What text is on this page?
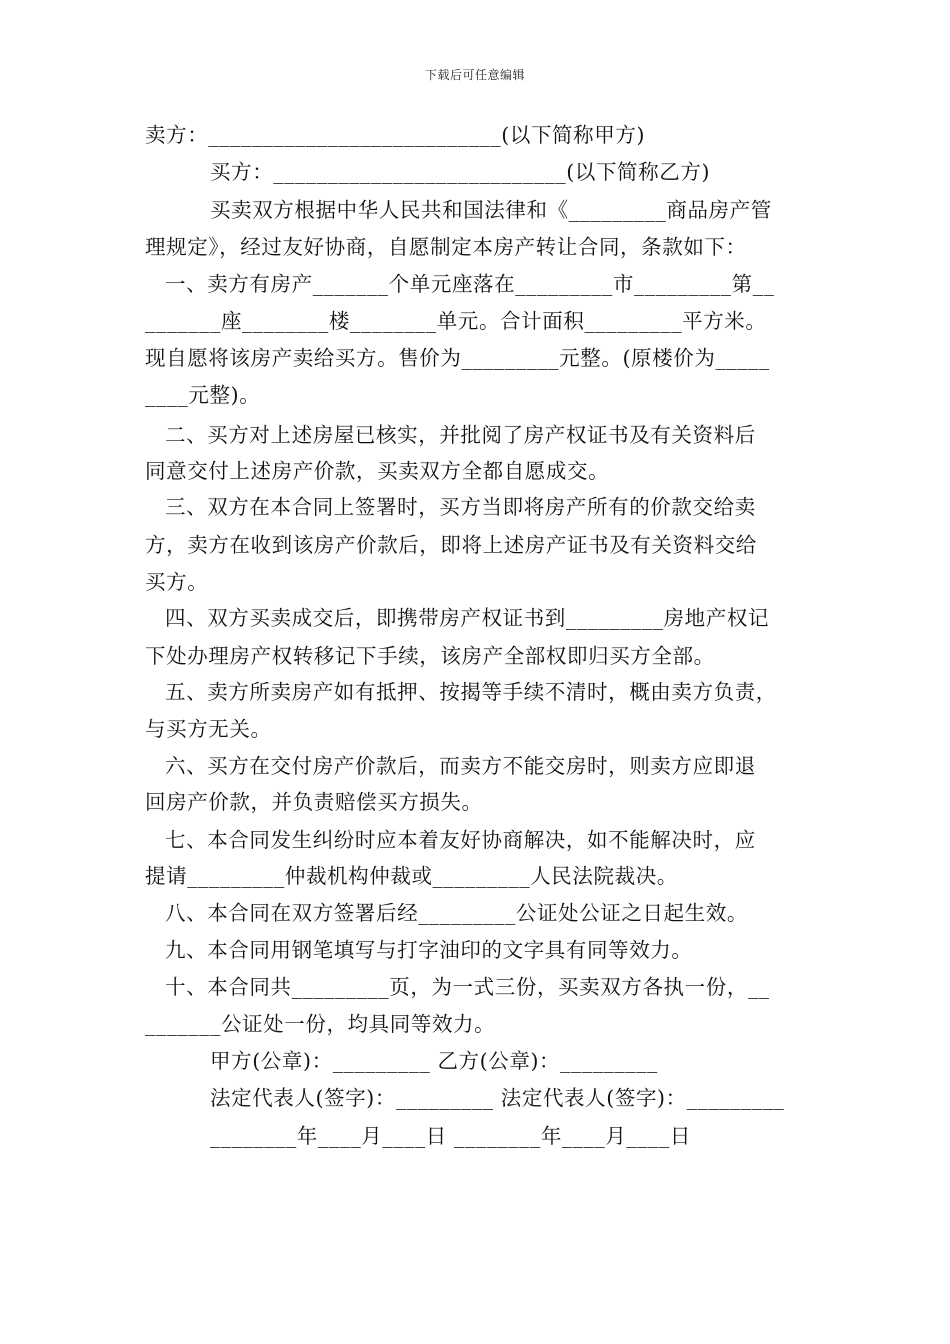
下载后可任意编辑
卖方：___________________________(以下简称甲方)
买方：___________________________(以下简称乙方)
买卖双方根据中华人民共和国法律和《_________商品房产管
理规定》，经过友好协商，自愿制定本房产转让合同，条款如下：
一、卖方有房产_______个单元座落在_________市_________第__
_______座________楼________单元。合计面积_________平方米。
现自愿将该房产卖给买方。售价为_________元整。(原楼价为_____
____元整)。
二、买方对上述房屋已核实，并批阅了房产权证书及有关资料后
同意交付上述房产价款，买卖双方全都自愿成交。
三、双方在本合同上签署时，买方当即将房产所有的价款交给卖
方，卖方在收到该房产价款后，即将上述房产证书及有关资料交给
买方。
四、双方买卖成交后，即携带房产权证书到_________房地产权记
下处办理房产权转移记下手续，该房产全部权即归买方全部。
五、卖方所卖房产如有抵押、按揭等手续不清时，概由卖方负责，
与买方无关。
六、买方在交付房产价款后，而卖方不能交房时，则卖方应即退
回房产价款，并负责赔偿买方损失。
七、本合同发生纠纷时应本着友好协商解决，如不能解决时，应
提请_________仲裁机构仲裁或_________人民法院裁决。
八、本合同在双方签署后经_________公证处公证之日起生效。
九、本合同用钢笔填写与打字油印的文字具有同等效力。
十、本合同共_________页，为一式三份，买卖双方各执一份，__
_______公证处一份，均具同等效力。
甲方(公章)：_________ 乙方(公章)：_________
法定代表人(签字)：_________ 法定代表人(签字)：_________
________年____月____日 ________年____月____日
